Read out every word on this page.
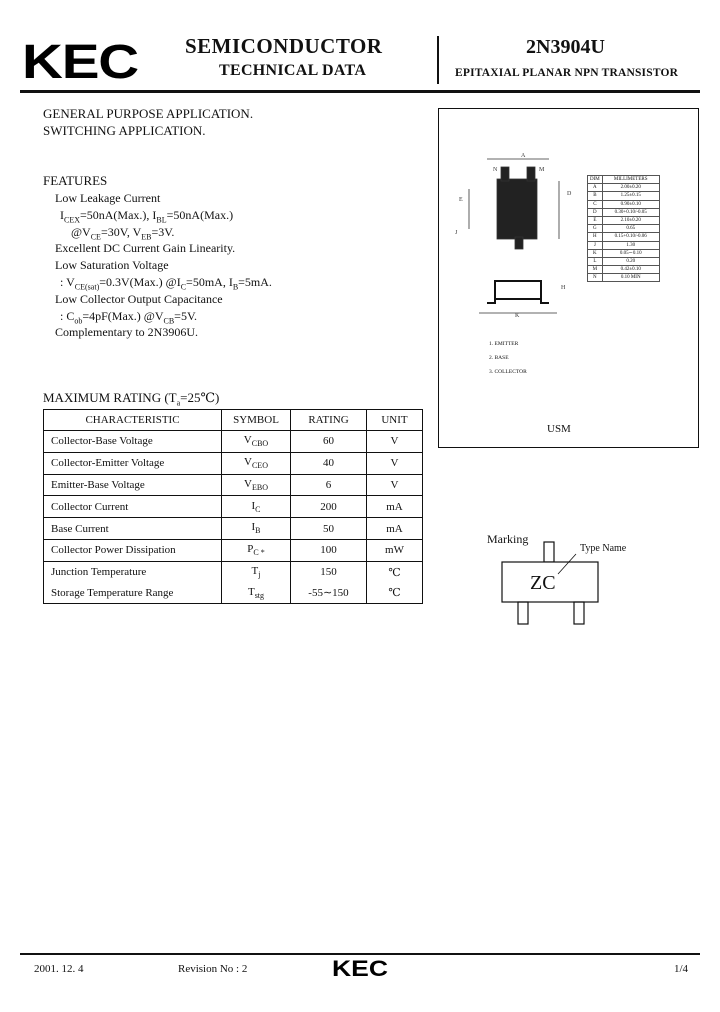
KEC SEMICONDUCTOR
TECHNICAL DATA
2N3904U
EPITAXIAL PLANAR NPN TRANSISTOR
GENERAL PURPOSE APPLICATION.
SWITCHING APPLICATION.
FEATURES
Low Leakage Current
$I_{CEX}=50nA(Max.)$, $I_{BL}=50nA(Max.)$
$@V_{CE}=30V$, $V_{EB}=3V$.
Excellent DC Current Gain Linearity.
Low Saturation Voltage
: $V_{CE(sat)}=0.3V(Max.)$ $@I_C=50mA$, $I_B=5mA$.
Low Collector Output Capacitance
: $C_{ob}=4pF(Max.)$ $@V_{CB}=5V$.
Complementary to 2N3906U.
N
A
M
E
J
D
K
H
DIM	MILLIMETERS
A	2.00±0.20
B	1.25±0.15
C	0.90±0.10
D	0.30+0.10/-0.05
E	2.10±0.20
G	0.65
H	0.15+0.10/-0.06
J	1.30
K	0.05∼0.10
L	0.20
M	0.42±0.10
N	0.10 MIN
1. EMITTER
2. BASE
3. COLLECTOR
USM
MAXIMUM RATING $(T_a=25℃)$
CHARACTERISTIC	SYMBOL	RATING	UNIT
Collector-Base Voltage	$V_{CBO}$	60	V
Collector-Emitter Voltage	$V_{CEO}$	40	V
Emitter-Base Voltage	$V_{EBO}$	6	V
Collector Current	$I_C$	200	mA
Base Current	$I_B$	50	mA
Collector Power Dissipation	$P_{C *}$	100	mW
Junction Temperature	$T_j$	150	℃
Storage Temperature Range	$T_{stg}$	-55∼150	℃
Marking
Type Name
ZC
2001. 12. 4	Revision No : 2	KEC	1/4
